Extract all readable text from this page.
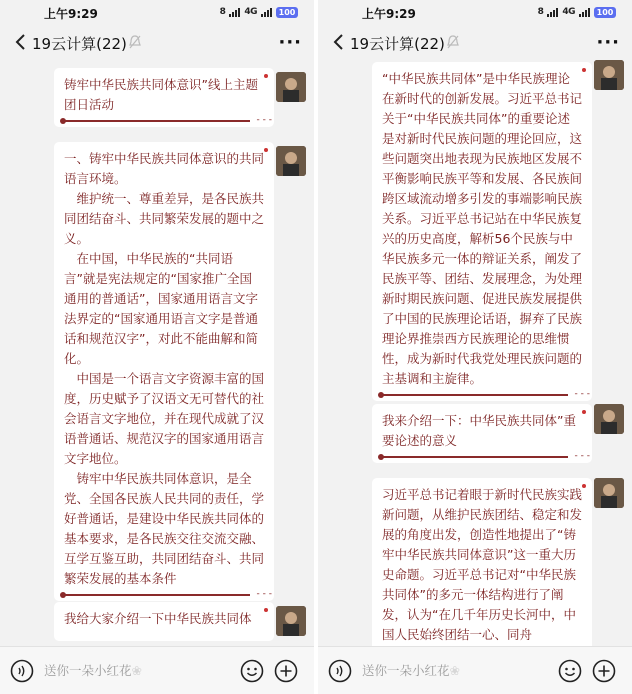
上午9:29	8 4G	100
19云计算(22)	···

铸牢中华民族共同体意识”线上主题团日活动

- - -

一、铸牢中华民族共同体意识的共同语言环境。
　维护统一、尊重差异，是各民族共同团结奋斗、共同繁荣发展的题中之义。
　在中国，中华民族的“共同语言”就是宪法规定的“国家推广全国通用的普通话”，国家通用语言文字法界定的“国家通用语言文字是普通话和规范汉字”，对此不能曲解和简化。
　中国是一个语言文字资源丰富的国度，历史赋予了汉语文无可替代的社会语言文字地位，并在现代成就了汉语普通话、规范汉字的国家通用语言文字地位。
　铸牢中华民族共同体意识，是全党、全国各民族人民共同的责任，学好普通话，是建设中华民族共同体的基本要求，是各民族交往交流交融、互学互鉴互助，共同团结奋斗、共同繁荣发展的基本条件

- - -

我给大家介绍一下中华民族共同体

送你一朵小红花❀
上午9:29	8 4G	100
19云计算(22)	···

“中华民族共同体”是中华民族理论在新时代的创新发展。习近平总书记关于“中华民族共同体”的重要论述是对新时代民族问题的理论回应，这些问题突出地表现为民族地区发展不平衡影响民族平等和发展、各民族间跨区域流动增多引发的事端影响民族关系。习近平总书记站在中华民族复兴的历史高度，解析56个民族与中华民族多元一体的辩证关系，阐发了民族平等、团结、发展理念，为处理新时期民族问题、促进民族发展提供了中国的民族理论话语，摒弃了民族理论界推崇西方民族理论的思维惯性，成为新时代我党处理民族问题的主基调和主旋律。

- - -

我来介绍一下：中华民族共同体”重要论述的意义

- - -

习近平总书记着眼于新时代民族实践新问题，从维护民族团结、稳定和发展的角度出发，创造性地提出了“铸牢中华民族共同体意识”这一重大历史命题。习近平总书记对“中华民族共同体”的多元一体结构进行了阐发，认为“在几千年历史长河中，中国人民始终团结一心、同舟

送你一朵小红花❀
